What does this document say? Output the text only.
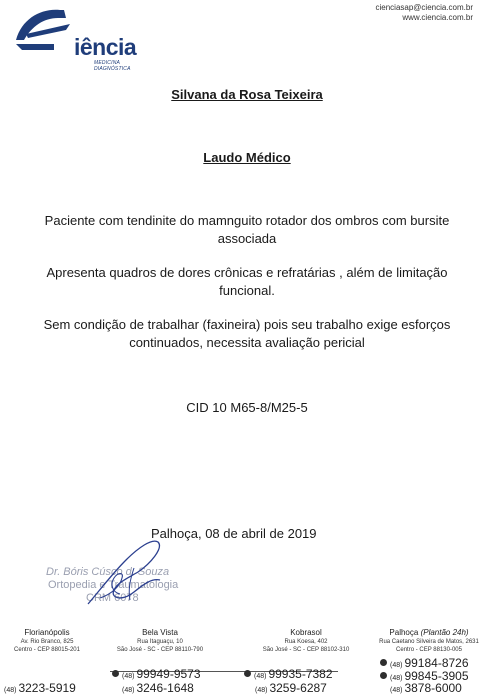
iência
MEDICINA DIAGNÓSTICA
cienciasap@ciencia.com.br
www.ciencia.com.br
Silvana da Rosa Teixeira
Laudo Médico
Paciente com tendinite do mamnguito rotador dos ombros com bursite
associada
Apresenta quadros de dores crônicas e refratárias , além de limitação
funcional.
Sem condição de trabalhar (faxineira) pois seu trabalho exige esforços
continuados, necessita avaliação pericial
CID 10 M65-8/M25-5
Palhoça, 08 de abril de 2019
Dr. Bóris Cúsco d. Souza
Ortopedia e Traumatologia
CRM 6078
Florianópolis
Av. Rio Branco, 825
Centro - CEP 88015-201
Bela Vista
Rua Itaguaçu, 10
São José - SC - CEP 88110-790
Kobrasol
Rua Koesa, 402
São José - SC - CEP 88102-310
Palhoça (Plantão 24h)
Rua Caetano Silveira de Matos, 2631
Centro - CEP 88130-005
(48) 3223-5919
(48) 99949-9573
(48) 3246-1648
(48) 99935-7382
(48) 3259-6287
(48) 99184-8726
(48) 99845-3905
(48) 3878-6000
